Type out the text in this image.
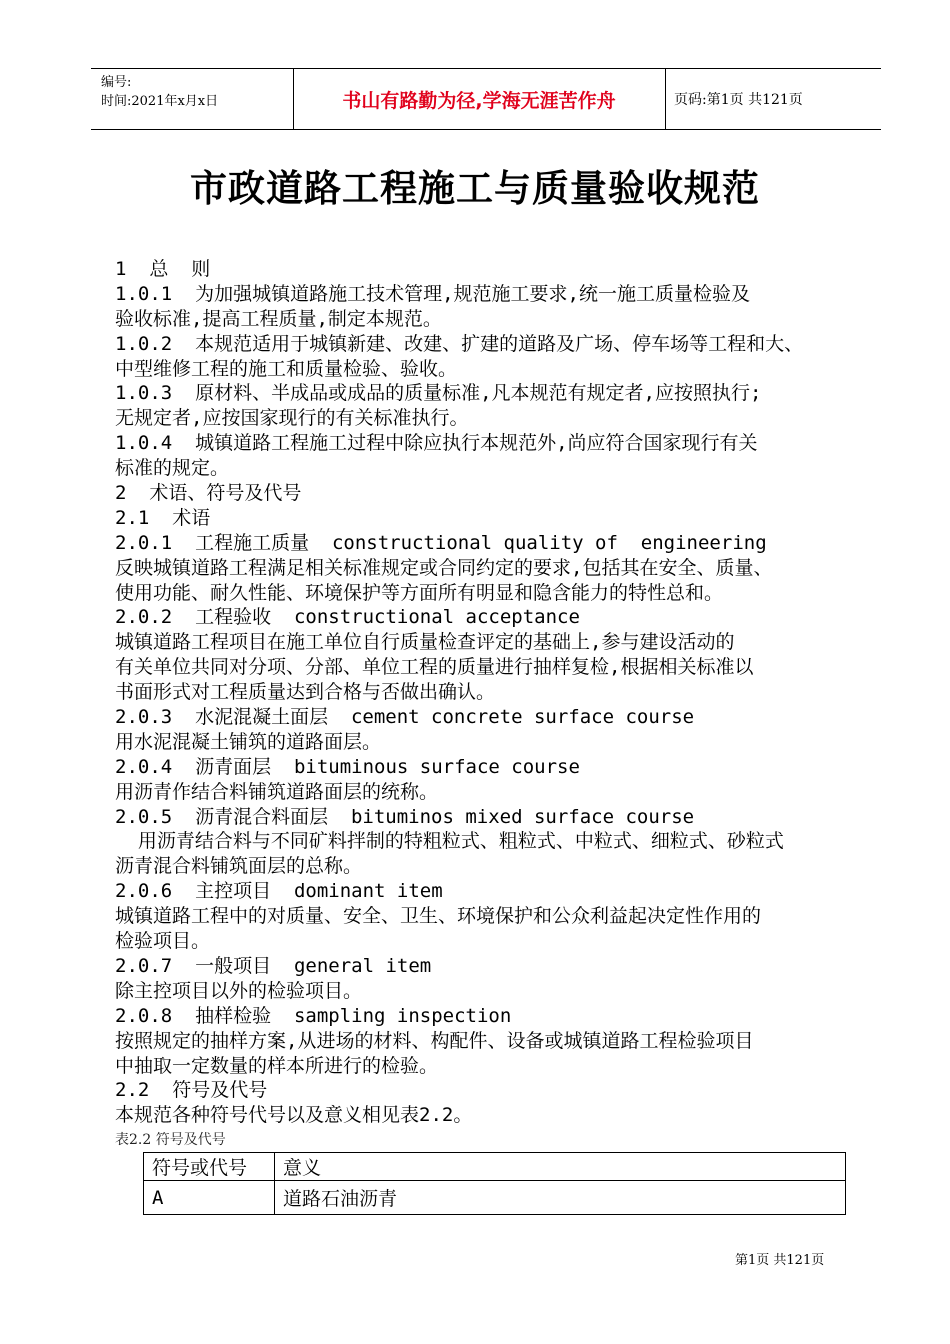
编号:
时间:2021年x月x日	书山有路勤为径,学海无涯苦作舟	页码:第1页 共121页
市政道路工程施工与质量验收规范
1  总  则
1.0.1  为加强城镇道路施工技术管理,规范施工要求,统一施工质量检验及
验收标准,提高工程质量,制定本规范。
1.0.2  本规范适用于城镇新建、改建、扩建的道路及广场、停车场等工程和大、
中型维修工程的施工和质量检验、验收。
1.0.3  原材料、半成品或成品的质量标准,凡本规范有规定者,应按照执行;
无规定者,应按国家现行的有关标准执行。
1.0.4  城镇道路工程施工过程中除应执行本规范外,尚应符合国家现行有关
标准的规定。
2  术语、符号及代号
2.1  术语
2.0.1  工程施工质量  constructional quality of  engineering
反映城镇道路工程满足相关标准规定或合同约定的要求,包括其在安全、质量、
使用功能、耐久性能、环境保护等方面所有明显和隐含能力的特性总和。
2.0.2  工程验收  constructional acceptance
城镇道路工程项目在施工单位自行质量检查评定的基础上,参与建设活动的
有关单位共同对分项、分部、单位工程的质量进行抽样复检,根据相关标准以
书面形式对工程质量达到合格与否做出确认。
2.0.3  水泥混凝土面层  cement concrete surface course
用水泥混凝土铺筑的道路面层。
2.0.4  沥青面层  bituminous surface course
用沥青作结合料铺筑道路面层的统称。
2.0.5  沥青混合料面层  bituminos mixed surface course
用沥青结合料与不同矿料拌制的特粗粒式、粗粒式、中粒式、细粒式、砂粒式
沥青混合料铺筑面层的总称。
2.0.6  主控项目  dominant item
城镇道路工程中的对质量、安全、卫生、环境保护和公众利益起决定性作用的
检验项目。
2.0.7  一般项目  general item
除主控项目以外的检验项目。
2.0.8  抽样检验  sampling inspection
按照规定的抽样方案,从进场的材料、构配件、设备或城镇道路工程检验项目
中抽取一定数量的样本所进行的检验。
2.2  符号及代号
本规范各种符号代号以及意义相见表2.2。
表2.2 符号及代号
符号或代号	意义
A	道路石油沥青
第1页 共121页
